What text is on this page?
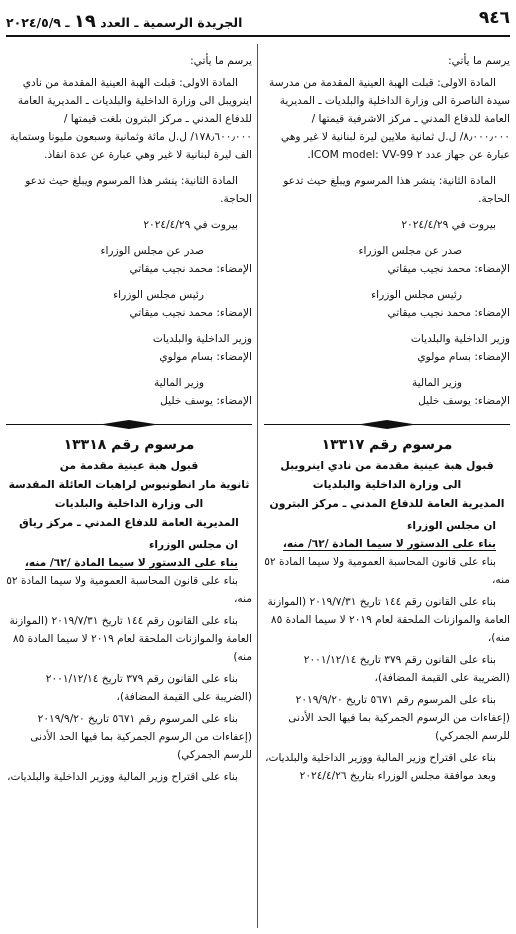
٩٤٦
الجريدة الرسمية ـ العدد ١٩ ـ ٢٠٢٤/٥/٩

يرسم ما يأتي:

المادة الاولى: قبلت الهبة العينية المقدمة من مدرسة سيدة الناصرة الى وزارة الداخلية والبلديات ـ المديرية العامة للدفاع المدني ـ مركز الاشرفية قيمتها /٨٫٠٠٠٫٠٠٠/ ل.ل ثمانية ملايين ليرة لبنانية لا غير وهي عبارة عن جهاز عدد ٢ ICOM model: VV-99.

المادة الثانية: ينشر هذا المرسوم ويبلغ حيث تدعو الحاجة.

بيروت في ٢٠٢٤/٤/٢٩

صدر عن مجلس الوزراء

الإمضاء: محمد نجيب ميقاتي

رئيس مجلس الوزراء

الإمضاء: محمد نجيب ميقاتي

وزير الداخلية والبلديات

الإمضاء: بسام مولوي

وزير المالية

الإمضاء: يوسف خليل

مرسوم رقم ١٣٣١٧

قبول هبة عينية مقدمة من نادي اينرويبل

الى وزارة الداخلية والبلديات

المديرية العامة للدفاع المدني ـ مركز البترون

ان مجلس الوزراء

بناء على الدستور لا سيما المادة /٦٢/ منه،

بناء على قانون المحاسبة العمومية ولا سيما المادة ٥٢ منه،

بناء على القانون رقم ١٤٤ تاريخ ٢٠١٩/٧/٣١ (الموازنة العامة والموازنات الملحقة لعام ٢٠١٩ لا سيما المادة ٨٥ منه)،

بناء على القانون رقم ٣٧٩ تاريخ ٢٠٠١/١٢/١٤ (الضريبة على القيمة المضافة)،

بناء على المرسوم رقم ٥٦٧١ تاريخ ٢٠١٩/٩/٢٠ (إعفاءات من الرسوم الجمركية بما فيها الحد الأدنى للرسم الجمركي)

بناء على اقتراح وزير المالية ووزير الداخلية والبلديات،

وبعد موافقة مجلس الوزراء بتاريخ ٢٠٢٤/٤/٢٦

يرسم ما يأتي:

المادة الاولى: قبلت الهبة العينية المقدمة من نادي اينرويبل الى وزارة الداخلية والبلديات ـ المديرية العامة للدفاع المدني ـ مركز البترون بلغت قيمتها /١٧٨٫٦٠٠٫٠٠٠/ ل.ل مائة وثمانية وسبعون مليونا وستماية الف ليرة لبنانية لا غير وهي عبارة عن عدة انقاذ.

المادة الثانية: ينشر هذا المرسوم ويبلغ حيث تدعو الحاجة.

بيروت في ٢٠٢٤/٤/٢٩

صدر عن مجلس الوزراء

الإمضاء: محمد نجيب ميقاتي

رئيس مجلس الوزراء

الإمضاء: محمد نجيب ميقاتي

وزير الداخلية والبلديات

الإمضاء: بسام مولوي

وزير المالية

الإمضاء: يوسف خليل

مرسوم رقم ١٣٣١٨

قبول هبة عينية مقدمة من

ثانوية مار انطونيوس لراهبات العائلة المقدسة

الى وزارة الداخلية والبلديات

المديرية العامة للدفاع المدني ـ مركز رياق

ان مجلس الوزراء

بناء على الدستور لا سيما المادة /٦٢/ منه،

بناء على قانون المحاسبة العمومية ولا سيما المادة ٥٢ منه،

بناء على القانون رقم ١٤٤ تاريخ ٢٠١٩/٧/٣١ (الموازنة العامة والموازنات الملحقة لعام ٢٠١٩ لا سيما المادة ٨٥ منه)

بناء على القانون رقم ٣٧٩ تاريخ ٢٠٠١/١٢/١٤ (الضريبة على القيمة المضافة)،

بناء على المرسوم رقم ٥٦٧١ تاريخ ٢٠١٩/٩/٢٠ (إعفاءات من الرسوم الجمركية بما فيها الحد الأدنى للرسم الجمركي)

بناء على اقتراح وزير المالية ووزير الداخلية والبلديات،
